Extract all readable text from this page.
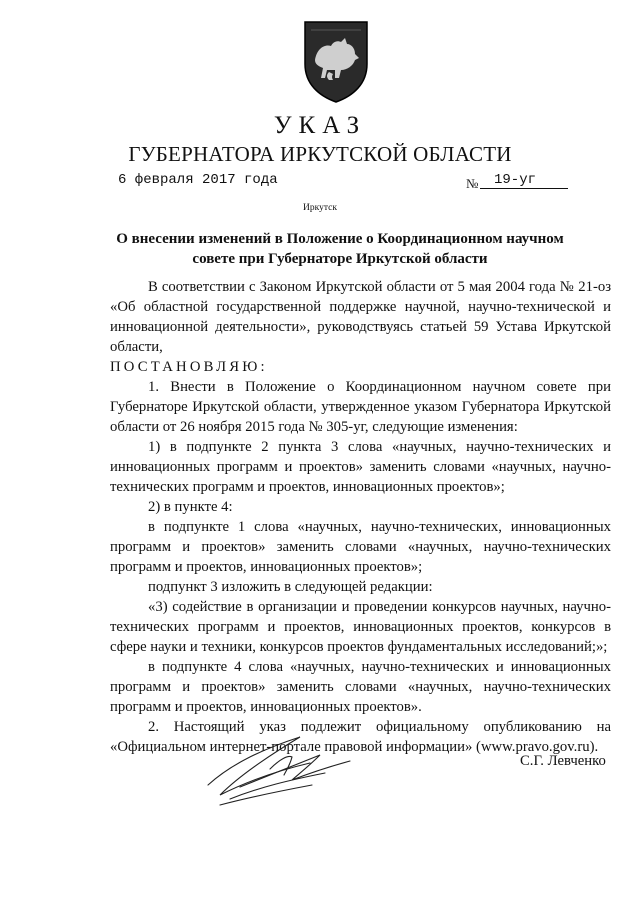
УКАЗ
ГУБЕРНАТОРА ИРКУТСКОЙ ОБЛАСТИ
6 февраля 2017 года	№	19-уг
Иркутск
О внесении изменений в Положение о Координационном научном
совете при Губернаторе Иркутской области

В соответствии с Законом Иркутской области от 5 мая 2004 года № 21-оз «Об областной государственной поддержке научной, научно-технической и инновационной деятельности», руководствуясь статьей 59 Устава Иркутской области,

ПОСТАНОВЛЯЮ:

1. Внести в Положение о Координационном научном совете при Губернаторе Иркутской области, утвержденное указом Губернатора Иркутской области от 26 ноября 2015 года № 305-уг, следующие изменения:

1) в подпункте 2 пункта 3 слова «научных, научно-технических и инновационных программ и проектов» заменить словами «научных, научно-технических программ и проектов, инновационных проектов»;

2) в пункте 4:

в подпункте 1 слова «научных, научно-технических, инновационных программ и проектов» заменить словами «научных, научно-технических программ и проектов, инновационных проектов»;

подпункт 3 изложить в следующей редакции:

«3) содействие в организации и проведении конкурсов научных, научно-технических программ и проектов, инновационных проектов, конкурсов в сфере науки и техники, конкурсов проектов фундаментальных исследований;»;

в подпункте 4 слова «научных, научно-технических и инновационных программ и проектов» заменить словами «научных, научно-технических программ и проектов, инновационных проектов».

2. Настоящий указ подлежит официальному опубликованию на «Официальном интернет-портале правовой информации» (www.pravo.gov.ru).

С.Г. Левченко
